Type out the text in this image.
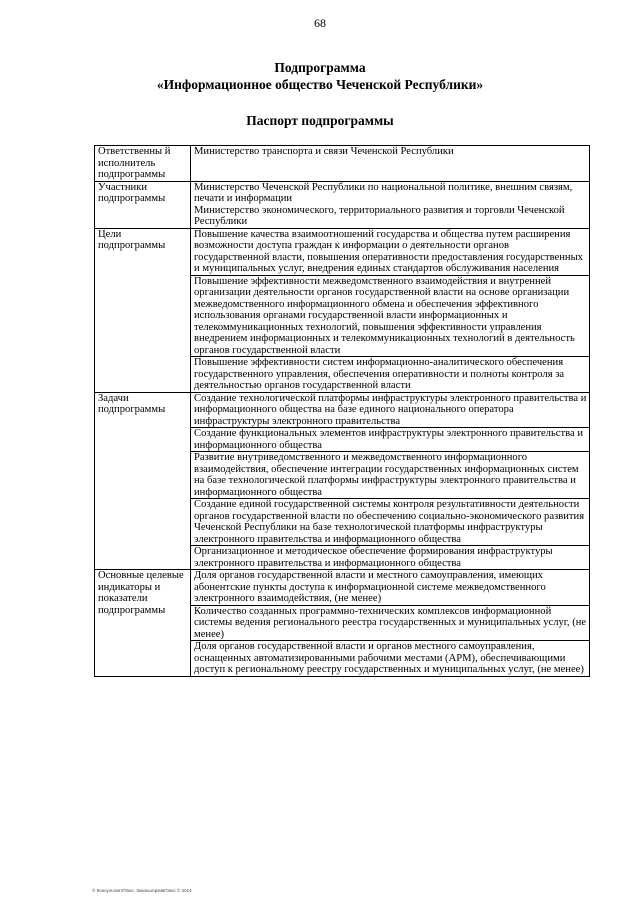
68
Подпрограмма
«Информационное общество Чеченской Республики»
Паспорт подпрограммы
Ответственны й исполнитель подпрограммы	Министерство транспорта и связи Чеченской Республики

Участники подпрограммы	Министерство Чеченской Республики по национальной политике, внешним связям, печати и информации
Министерство экономического, территориального развития и торговли Чеченской Республики

Цели подпрограммы	Повышение качества взаимоотношений государства и общества путем расширения возможности доступа граждан к информации о деятельности органов государственной власти, повышения оперативности предоставления государственных и муниципальных услуг, внедрения единых стандартов обслуживания населения

	Повышение эффективности межведомственного взаимодействия и внутренней организации деятельности органов государственной власти на основе организации межведомственного информационного обмена и обеспечения эффективного использования органами государственной власти информационных и телекоммуникационных технологий, повышения эффективности управления внедрением информационных и телекоммуникационных технологий в деятельность органов государственной власти

	Повышение эффективности систем информационно-аналитического обеспечения государственного управления, обеспечения оперативности и полноты контроля за деятельностью органов государственной власти

Задачи подпрограммы	Создание технологической платформы инфраструктуры электронного правительства и информационного общества на базе единого национального оператора инфраструктуры электронного правительства

	Создание функциональных элементов инфраструктуры электронного правительства и информационного общества

	Развитие внутриведомственного и межведомственного информационного взаимодействия, обеспечение интеграции государственных информационных систем на базе технологической платформы инфраструктуры электронного правительства и информационного общества

	Создание единой государственной системы контроля результативности деятельности органов государственной власти по обеспечению социально-экономического развития Чеченской Республики на базе технологической платформы инфраструктуры электронного правительства и информационного общества

	Организационное и методическое обеспечение формирования инфраструктуры электронного правительства и информационного общества

Основные целевые индикаторы и показатели подпрограммы	Доля органов государственной власти и местного самоуправления, имеющих абонентские пункты доступа к информационной системе межведомственного электронного взаимодействия, (не менее)

	Количество созданных программно-технических комплексов информационной системы ведения регионального реестра государственных и муниципальных услуг, (не менее)

	Доля органов государственной власти и органов местного самоуправления, оснащенных автоматизированными рабочими местами (АРМ), обеспечивающими доступ к региональному реестру государственных и муниципальных услуг, (не менее)
© КонсультантПлюс, ЗаконыАрхивПлюс © 2014
